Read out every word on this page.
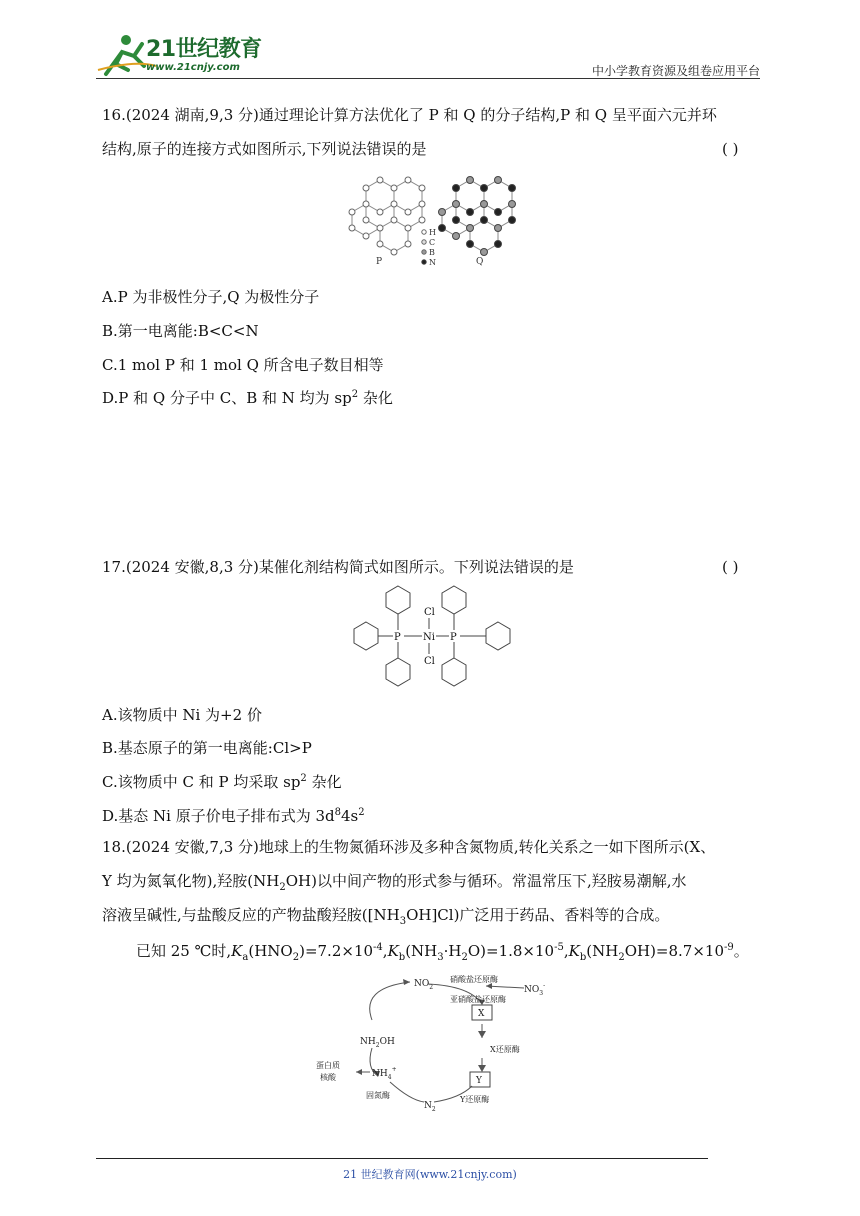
21世纪教育
www.21cnjy.com	中小学教育资源及组卷应用平台
16.(2024 湖南,9,3 分)通过理论计算方法优化了 P 和 Q 的分子结构,P 和 Q 呈平面六元并环
结构,原子的连接方式如图所示,下列说法错误的是	( )
H
C
B
N
P	Q
A.P 为非极性分子,Q 为极性分子
B.第一电离能:B<C<N
C.1 mol P 和 1 mol Q 所含电子数目相等
D.P 和 Q 分子中 C、B 和 N 均为 $sp^2$ 杂化
17.(2024 安徽,8,3 分)某催化剂结构简式如图所示。下列说法错误的是	( )
P	P
Ni
Cl
Cl
A.该物质中 Ni 为+2 价
B.基态原子的第一电离能:Cl>P
C.该物质中 C 和 P 均采取 $sp^2$ 杂化
D.基态 Ni 原子价电子排布式为 $3d^84s^2$
18.(2024 安徽,7,3 分)地球上的生物氮循环涉及多种含氮物质,转化关系之一如下图所示(X、
Y 均为氮氧化物),羟胺$(NH_2OH)$以中间产物的形式参与循环。常温常压下,羟胺易潮解,水
溶液呈碱性,与盐酸反应的产物盐酸羟胺$([NH_3OH]Cl)$广泛用于药品、香料等的合成。
已知 25 ℃时$,K_a(HNO_2)=7.2\times 10^{-4},K_b(NH_3\cdot H_2O)=1.8\times 10^{-5},K_b(NH_2OH)=8.7\times 10^{-9}$。
$NO_2$	$NO_3^-$
硝酸盐还原酶
亚硝酸盐还原酶
X
X还原酶
Y
Y还原酶
$N_2$
固氮酶
$NH_4^+$
$NH_2OH$
蛋白质
核酸
21 世纪教育网(www.21cnjy.com)
